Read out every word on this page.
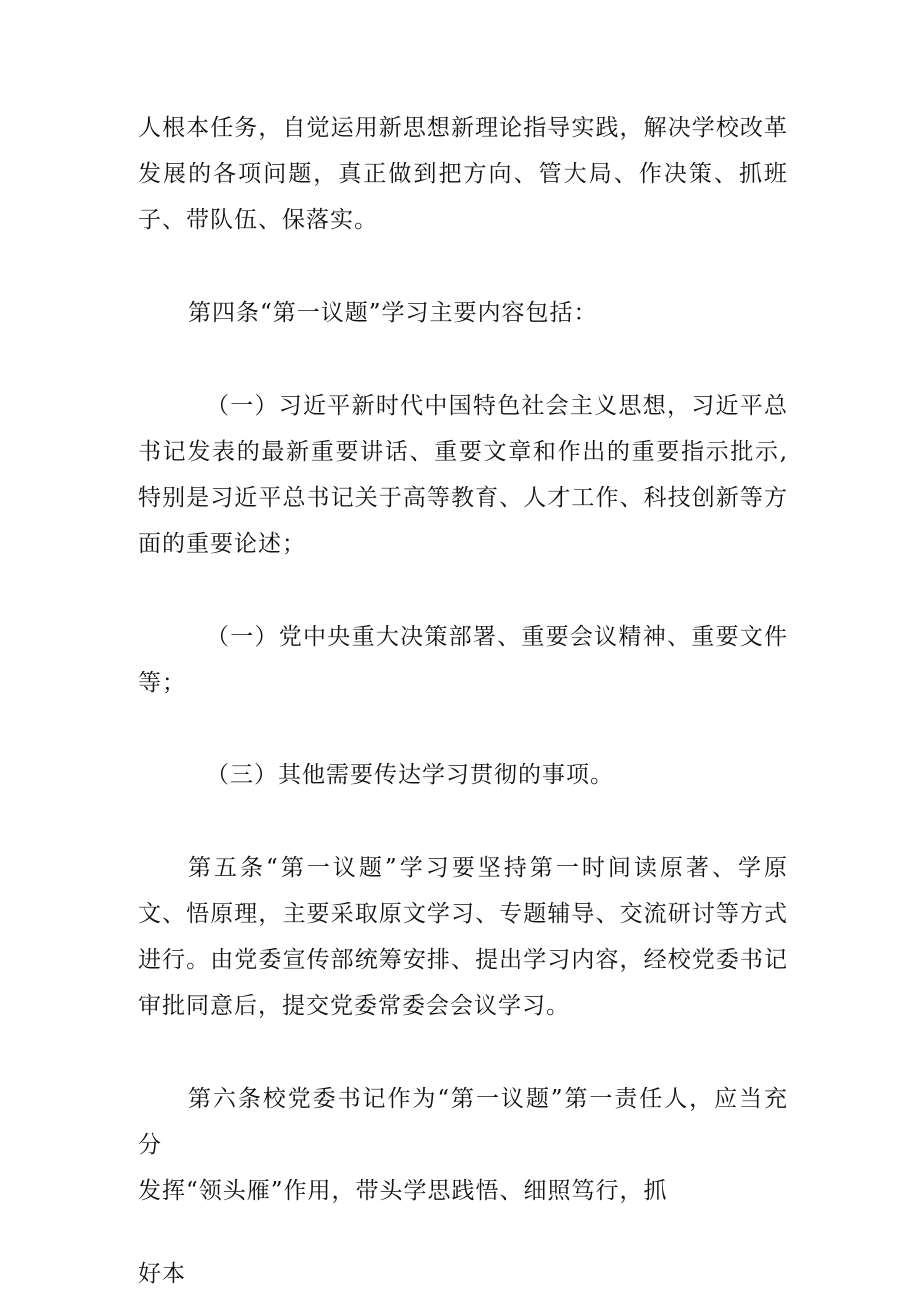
人根本任务，自觉运用新思想新理论指导实践，解决学校改革发展的各项问题，真正做到把方向、管大局、作决策、抓班子、带队伍、保落实。

第四条“第一议题”学习主要内容包括：

（一）习近平新时代中国特色社会主义思想，习近平总书记发表的最新重要讲话、重要文章和作出的重要指示批示,特别是习近平总书记关于高等教育、人才工作、科技创新等方面的重要论述；

（一）党中央重大决策部署、重要会议精神、重要文件等；

（三）其他需要传达学习贯彻的事项。

第五条“第一议题”学习要坚持第一时间读原著、学原文、悟原理，主要采取原文学习、专题辅导、交流研讨等方式进行。由党委宣传部统筹安排、提出学习内容，经校党委书记审批同意后，提交党委常委会会议学习。

第六条校党委书记作为“第一议题”第一责任人，应当充分
发挥“领头雁”作用，带头学思践悟、细照笃行，抓

好本
